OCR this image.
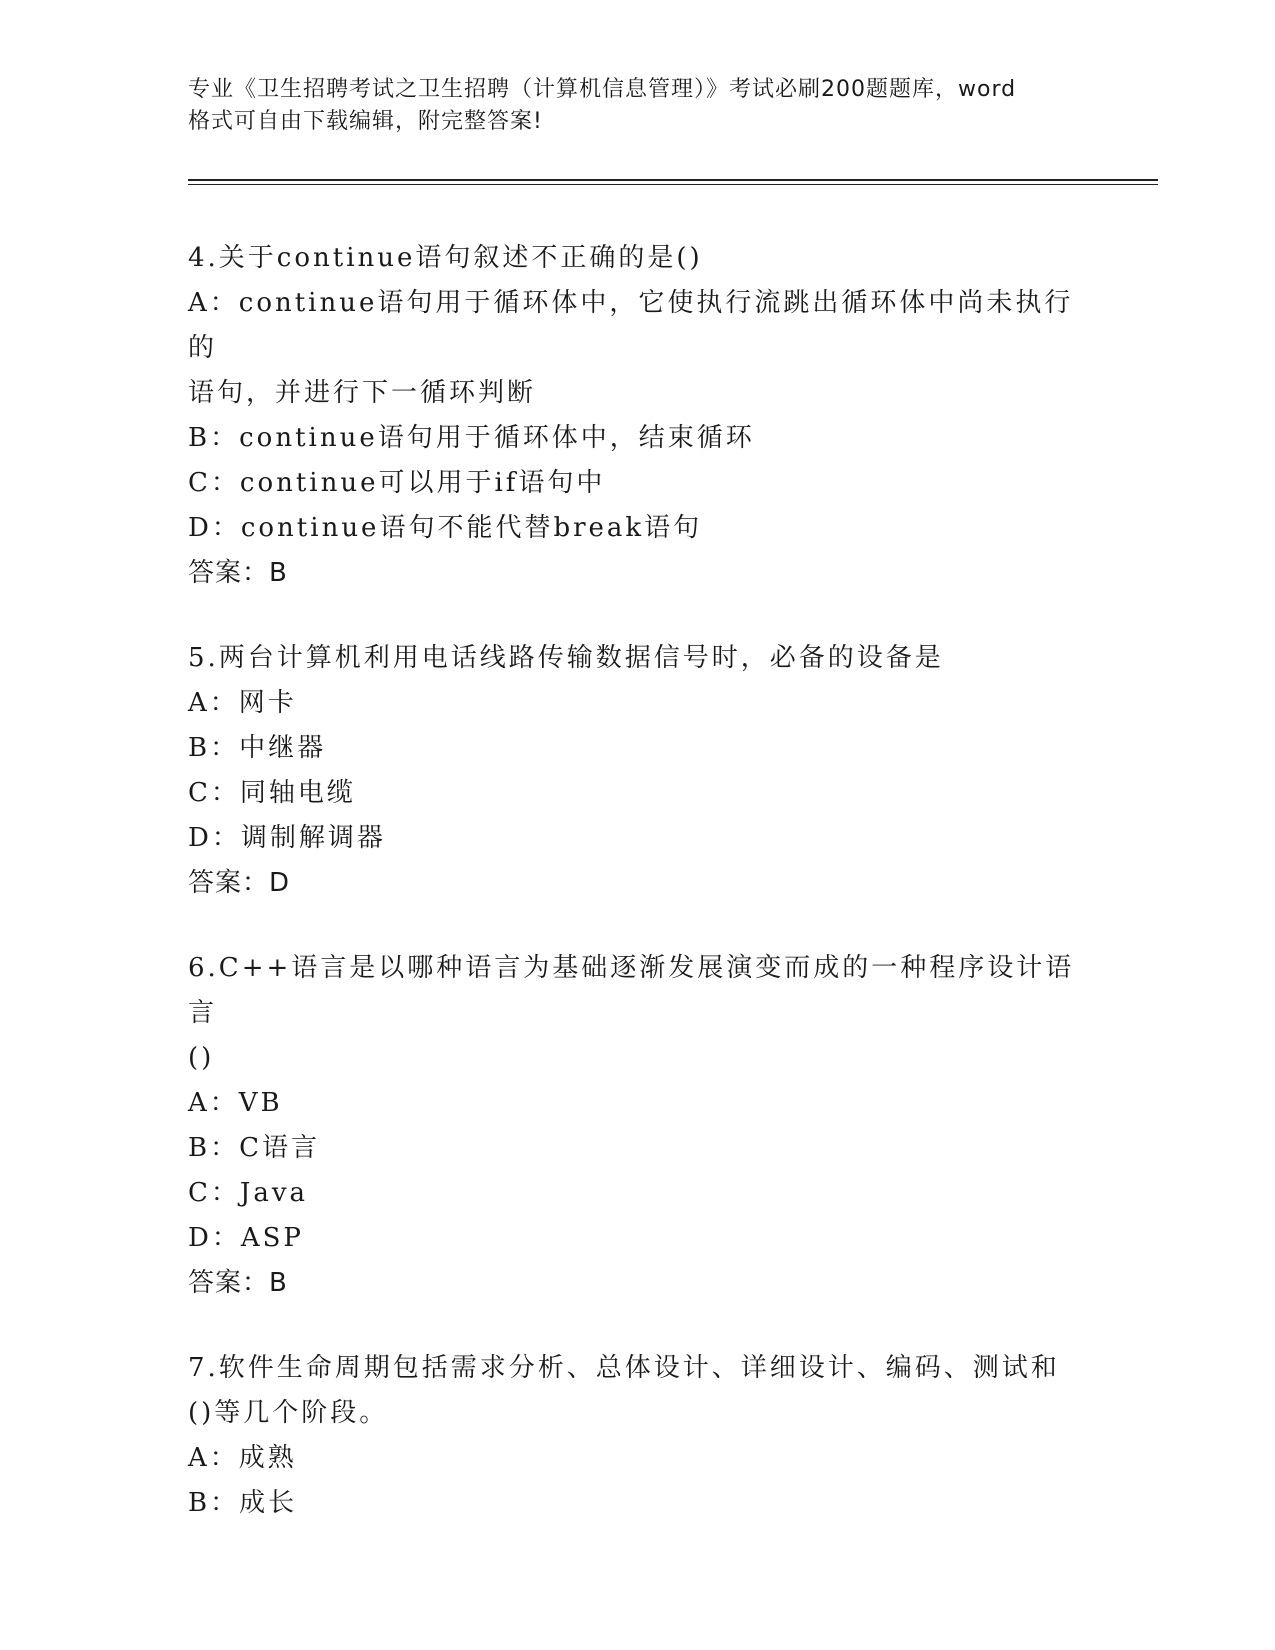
专业《卫生招聘考试之卫生招聘（计算机信息管理）》考试必刷200题题库，word
格式可自由下载编辑，附完整答案!

4.关于continue语句叙述不正确的是()

A：continue语句用于循环体中，它使执行流跳出循环体中尚未执行的

语句，并进行下一循环判断

B：continue语句用于循环体中，结束循环

C：continue可以用于if语句中

D：continue语句不能代替break语句

答案：B

5.两台计算机利用电话线路传输数据信号时，必备的设备是

A：网卡

B：中继器

C：同轴电缆

D：调制解调器

答案：D

6.C++语言是以哪种语言为基础逐渐发展演变而成的一种程序设计语言

()

A：VB

B：C语言

C：Java

D：ASP

答案：B

7.软件生命周期包括需求分析、总体设计、详细设计、编码、测试和

()等几个阶段。

A：成熟

B：成长
